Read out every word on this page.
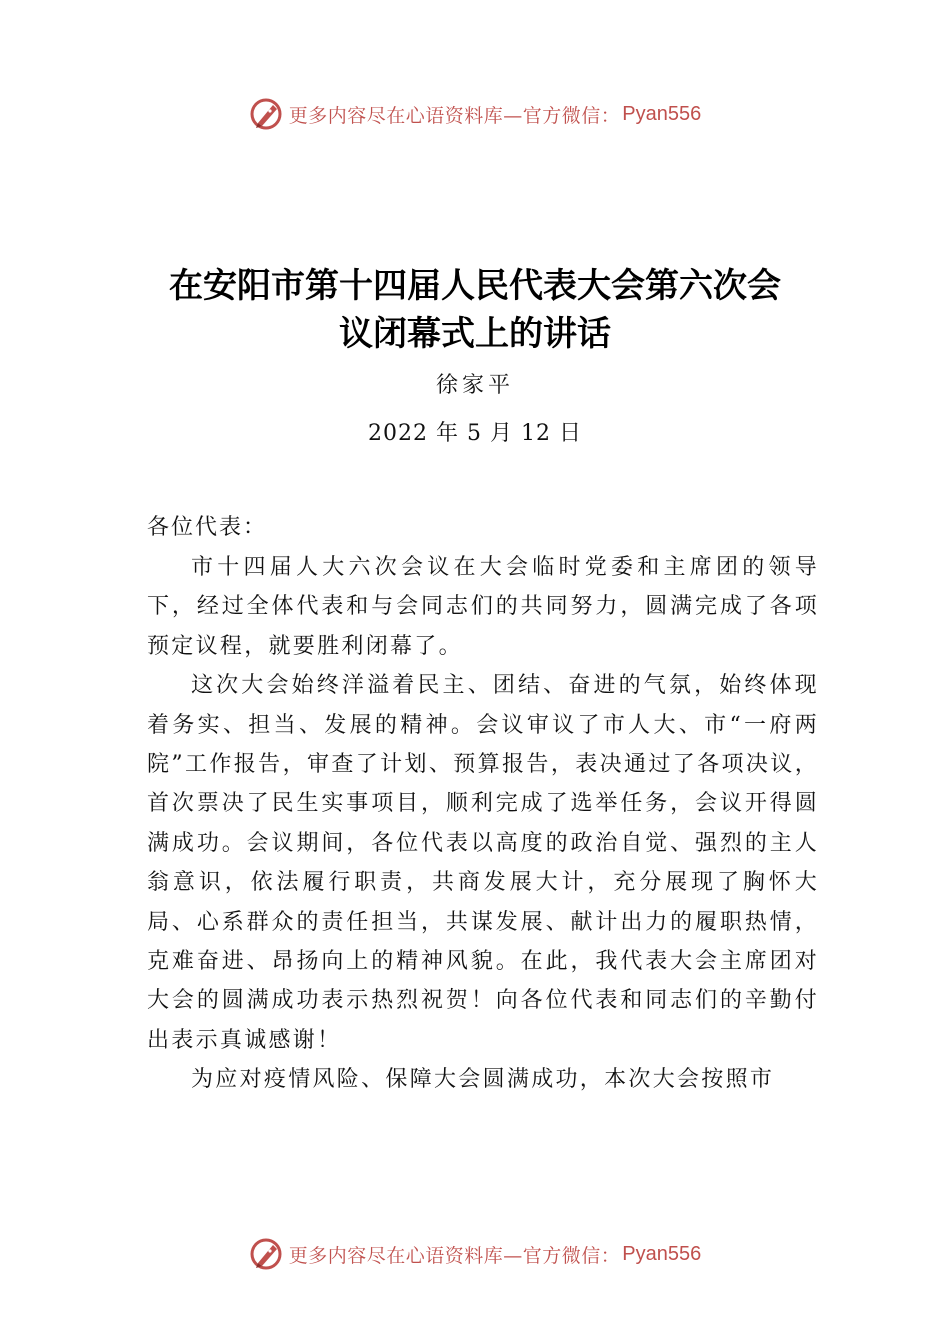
更多内容尽在心语资料库—官方微信： Pyan556
在安阳市第十四届人民代表大会第六次会
议闭幕式上的讲话
徐家平
2022 年 5 月 12 日
各位代表：

市十四届人大六次会议在大会临时党委和主席团的领导下，经过全体代表和与会同志们的共同努力，圆满完成了各项预定议程，就要胜利闭幕了。

这次大会始终洋溢着民主、团结、奋进的气氛，始终体现着务实、担当、发展的精神。会议审议了市人大、市“一府两院”工作报告，审查了计划、预算报告，表决通过了各项决议，首次票决了民生实事项目，顺利完成了选举任务，会议开得圆满成功。会议期间，各位代表以高度的政治自觉、强烈的主人翁意识，依法履行职责，共商发展大计，充分展现了胸怀大局、心系群众的责任担当，共谋发展、献计出力的履职热情，克难奋进、昂扬向上的精神风貌。在此，我代表大会主席团对大会的圆满成功表示热烈祝贺！向各位代表和同志们的辛勤付出表示真诚感谢！

为应对疫情风险、保障大会圆满成功，本次大会按照市

更多内容尽在心语资料库—官方微信： Pyan556
